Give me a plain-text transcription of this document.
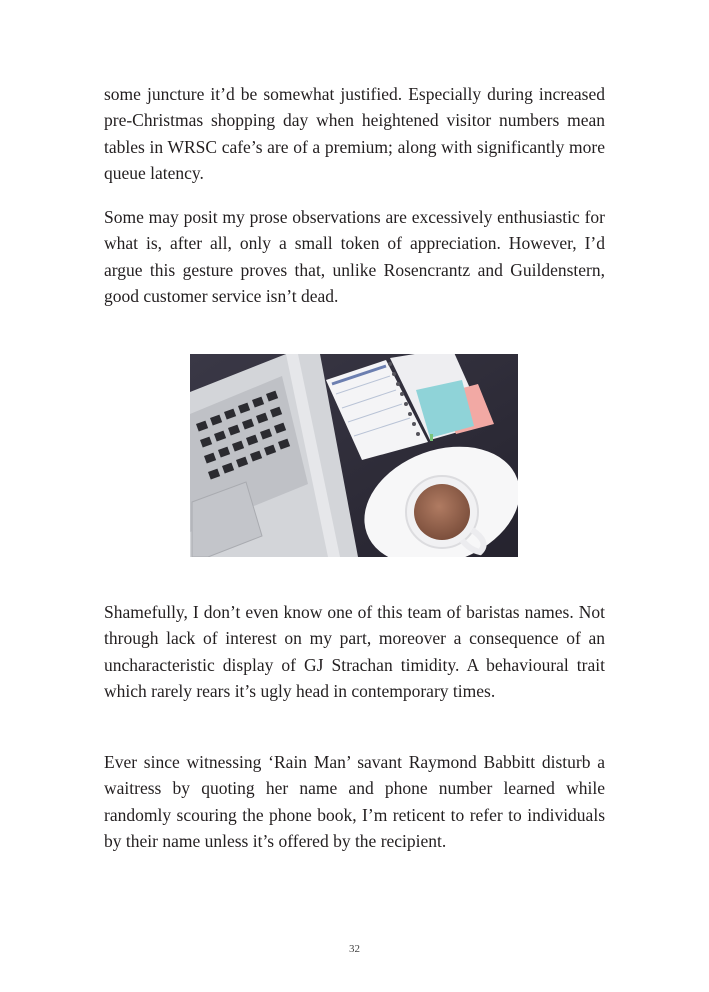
some juncture it’d be somewhat justified. Especially during increased pre-Christmas shopping day when heightened visitor numbers mean tables in WRSC cafe’s are of a premium; along with significantly more queue latency.

Some may posit my prose observations are excessively enthusiastic for what is, after all, only a small token of appreciation. However, I’d argue this gesture proves that, unlike Rosencrantz and Guildenstern, good customer service isn’t dead.

Shamefully, I don’t even know one of this team of baristas names. Not through lack of interest on my part, moreover a consequence of an uncharacteristic display of GJ Strachan timidity. A behavioural trait which rarely rears it’s ugly head in contemporary times.

Ever since witnessing ‘Rain Man’ savant Raymond Babbitt disturb a waitress by quoting her name and phone number learned while randomly scouring the phone book, I’m reticent to refer to individuals by their name unless it’s offered by the recipient.

32
